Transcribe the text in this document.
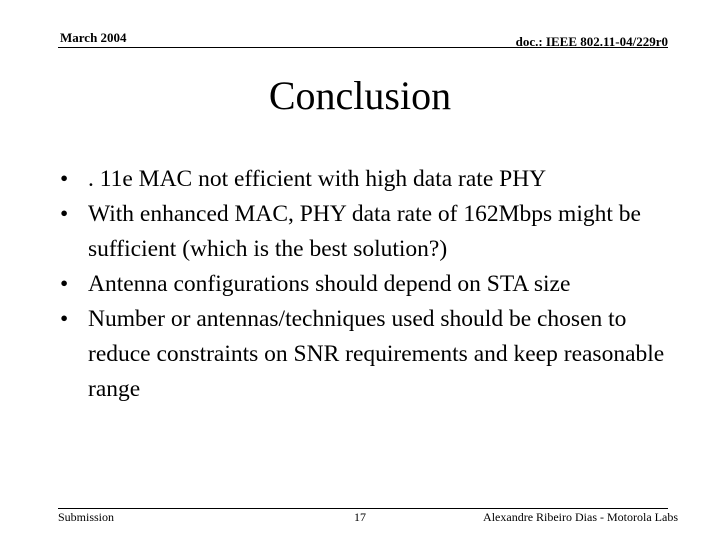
March 2004	doc.: IEEE 802.11-04/229r0
Conclusion
• . 11e MAC not efficient with high data rate PHY
• With enhanced MAC, PHY data rate of 162Mbps might be sufficient (which is the best solution?)
• Antenna configurations should depend on STA size
• Number or antennas/techniques used should be chosen to reduce constraints on SNR requirements and keep reasonable range
Submission	17	Alexandre Ribeiro Dias - Motorola Labs
